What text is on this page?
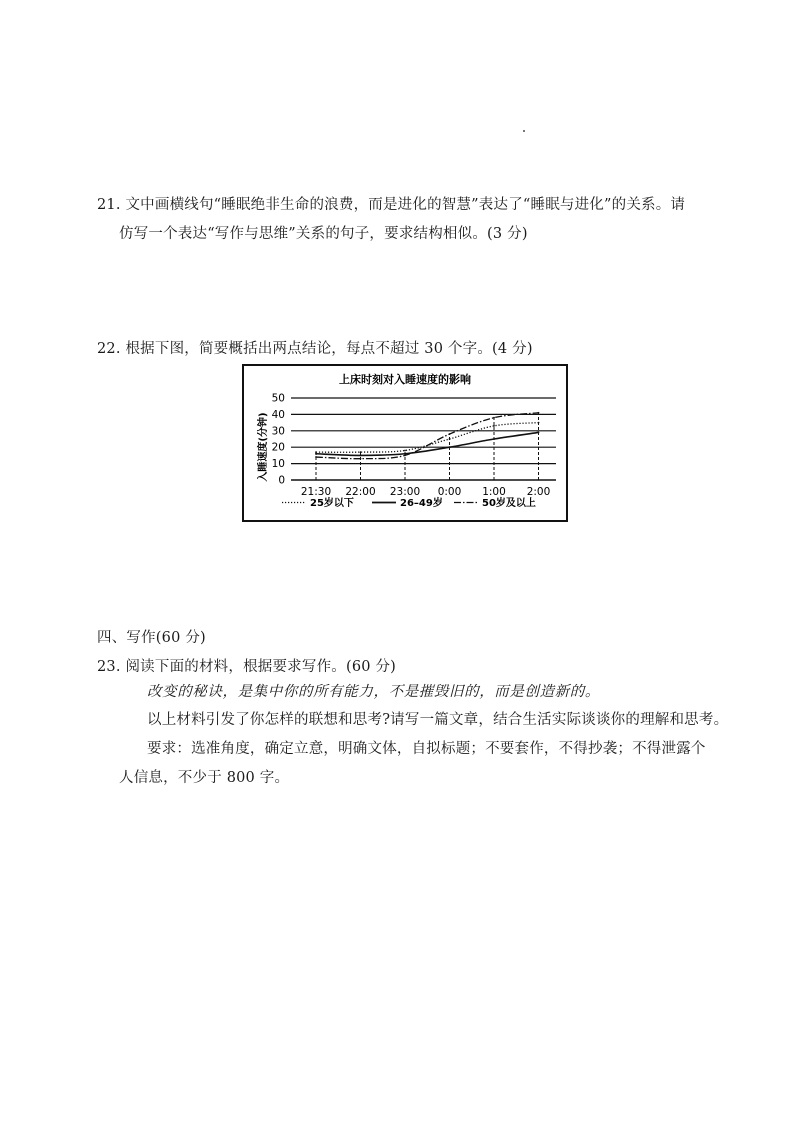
21. 文中画横线句“睡眠绝非生命的浪费，而是进化的智慧”表达了“睡眠与进化”的关系。请
仿写一个表达“写作与思维”关系的句子，要求结构相似。(3 分)
22. 根据下图，简要概括出两点结论，每点不超过 30 个字。(4 分)
上床时刻对入睡速度的影响
入睡速度(分钟) 0
10
20
30
40
50
21:30 22:00 23:00 0:00 1:00 2:00
25岁以下	26–49岁	50岁及以上
四、写作(60 分)
23. 阅读下面的材料，根据要求写作。(60 分)
改变的秘诀，是集中你的所有能力，不是摧毁旧的，而是创造新的。
以上材料引发了你怎样的联想和思考?请写一篇文章，结合生活实际谈谈你的理解和思考。
要求：选准角度，确定立意，明确文体，自拟标题；不要套作，不得抄袭；不得泄露个
人信息，不少于 800 字。
